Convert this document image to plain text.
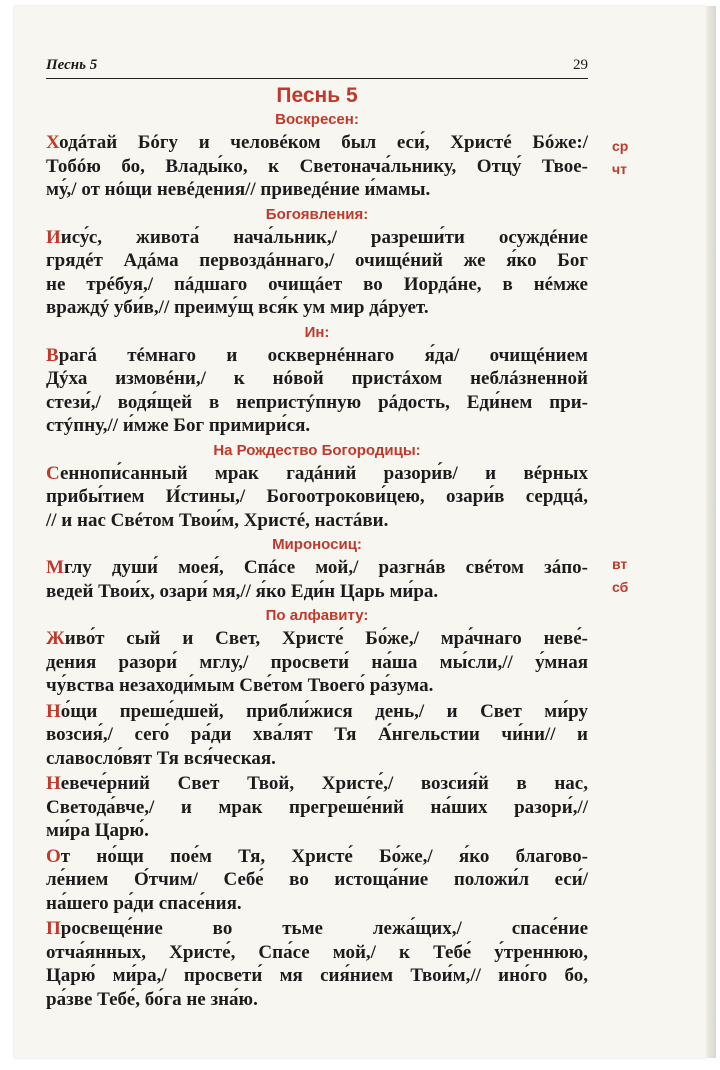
Песнь 5	29
Песнь 5
Воскресен:
Ходáтай Бóгу и человéком был еси́, Христé Бóже:/
Тобóю бо, Влады́ко, к Светонача́льнику, Отцу́ Твое-
му́,/ от нóщи невéдения// приведéние и́мамы.
Богоявления:
Иису́с, живота́ нача́льник,/ разреши́ти осуждéние
грядéт Адáма первоздáннаго,/ очищéний же я́ко Бог
не трéбуя,/ пáдшаго очищáет во Иордáне, в нéмже
враждý уби́в,// преиму́щ вся́к ум мир дáрует.
Ин:
Врагá тéмнаго и осквернéннаго я́да/ очищéнием
Дýха измовéни,/ к нóвой пристáхом неблáзненной
стези́,/ водя́щей в непристýпную рáдость, Еди́нем при-
стýпну,// и́мже Бог примири́ся.
На Рождество Богородицы:
Сеннопи́санный мрак гадáний разори́в/ и вéрных
прибы́тием И́стины,/ Богоотрокови́цею, озари́в сердцá,
// и нас Свéтом Твои́м, Христé, настáви.
Мироносиц:
Мглу души́ моея́, Спáсе мой,/ разгнáв свéтом зáпо-
ведей Твои́х, озари́ мя,// я́ко Еди́н Царь ми́ра.
По алфавиту:
Живо́т сый и Свет, Христе́ Бо́же,/ мра́чнаго неве́-
дения разори́ мглу,/ просвети́ на́ша мы́сли,// у́мная
чу́вства незаходи́мым Све́том Твоего́ ра́зума.
Но́щи преше́дшей, прибли́жися день,/ и Свет ми́ру
возсия́,/ сего́ ра́ди хва́лят Тя А́нгельстии чи́ни// и
славосло́вят Тя вся́ческая.
Невече́рний Свет Твой, Христе́,/ возсия́й в нас,
Светода́вче,/ и мрак прегреше́ний на́ших разори́,//
ми́ра Царю́.
От но́щи пое́м Тя, Христе́ Бо́же,/ я́ко благово-
ле́нием О́тчим/ Себе́ во истоща́ние положи́л еси́/
на́шего ра́ди спасе́ния.
Просвеще́ние во тьме лежа́щих,/ спасе́ние
отча́янных, Христе́, Спа́се мой,/ к Тебе́ у́треннюю,
Царю́ ми́ра,/ просвети́ мя сия́нием Твои́м,// ино́го бо,
ра́зве Тебе́, бо́га не зна́ю.
ср
чт
вт
сб
